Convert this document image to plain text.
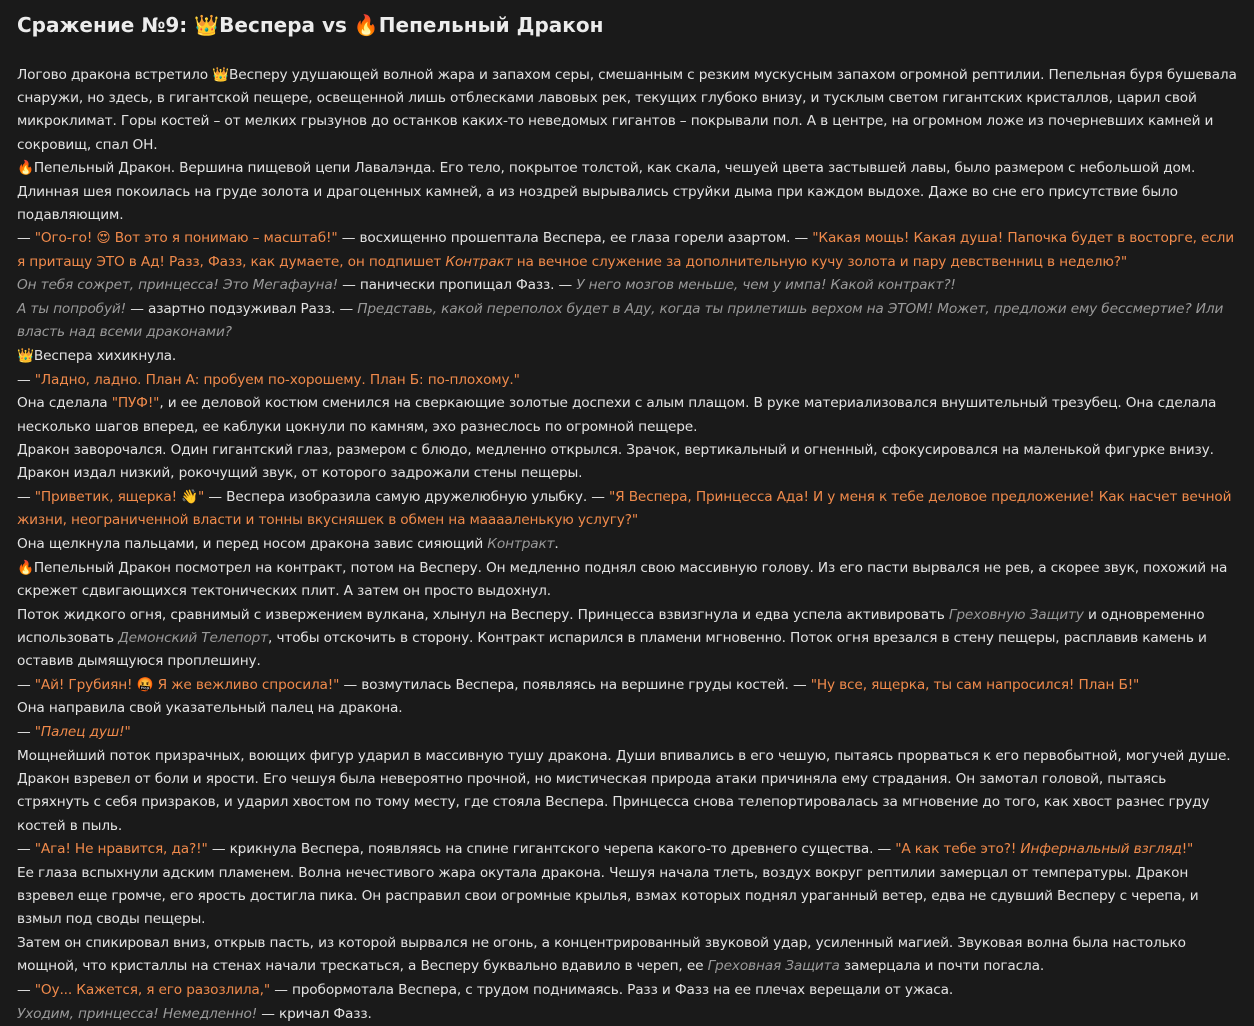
Сражение №9: 👑Веспера vs 🔥Пепельный Дракон

Логово дракона встретило 👑Весперу удушающей волной жара и запахом серы, смешанным с резким мускусным запахом огромной рептилии. Пепельная буря бушевала снаружи, но здесь, в гигантской пещере, освещенной лишь отблесками лавовых рек, текущих глубоко внизу, и тусклым светом гигантских кристаллов, царил свой микроклимат. Горы костей – от мелких грызунов до останков каких-то неведомых гигантов – покрывали пол. А в центре, на огромном ложе из почерневших камней и сокровищ, спал ОН.

🔥Пепельный Дракон. Вершина пищевой цепи Лавалэнда. Его тело, покрытое толстой, как скала, чешуей цвета застывшей лавы, было размером с небольшой дом. Длинная шея покоилась на груде золота и драгоценных камней, а из ноздрей вырывались струйки дыма при каждом выдохе. Даже во сне его присутствие было подавляющим.

— "Ого-го! 😍 Вот это я понимаю – масштаб!" — восхищенно прошептала Веспера, ее глаза горели азартом. — "Какая мощь! Какая душа! Папочка будет в восторге, если я притащу ЭТО в Ад! Разз, Фазз, как думаете, он подпишет Контракт на вечное служение за дополнительную кучу золота и пару девственниц в неделю?"

Он тебя сожрет, принцесса! Это Мегафауна! — панически пропищал Фазз. — У него мозгов меньше, чем у импа! Какой контракт?!

А ты попробуй! — азартно подзуживал Разз. — Представь, какой переполох будет в Аду, когда ты прилетишь верхом на ЭТОМ! Может, предложи ему бессмертие? Или власть над всеми драконами?

👑Веспера хихикнула.

— "Ладно, ладно. План А: пробуем по-хорошему. План Б: по-плохому."

Она сделала "ПУФ!", и ее деловой костюм сменился на сверкающие золотые доспехи с алым плащом. В руке материализовался внушительный трезубец. Она сделала несколько шагов вперед, ее каблуки цокнули по камням, эхо разнеслось по огромной пещере.

Дракон заворочался. Один гигантский глаз, размером с блюдо, медленно открылся. Зрачок, вертикальный и огненный, сфокусировался на маленькой фигурке внизу. Дракон издал низкий, рокочущий звук, от которого задрожали стены пещеры.

— "Приветик, ящерка! 👋" — Веспера изобразила самую дружелюбную улыбку. — "Я Веспера, Принцесса Ада! И у меня к тебе деловое предложение! Как насчет вечной жизни, неограниченной власти и тонны вкусняшек в обмен на мааааленькую услугу?"

Она щелкнула пальцами, и перед носом дракона завис сияющий Контракт.

🔥Пепельный Дракон посмотрел на контракт, потом на Весперу. Он медленно поднял свою массивную голову. Из его пасти вырвался не рев, а скорее звук, похожий на скрежет сдвигающихся тектонических плит. А затем он просто выдохнул.

Поток жидкого огня, сравнимый с извержением вулкана, хлынул на Весперу. Принцесса взвизгнула и едва успела активировать Греховную Защиту и одновременно использовать Демонский Телепорт, чтобы отскочить в сторону. Контракт испарился в пламени мгновенно. Поток огня врезался в стену пещеры, расплавив камень и оставив дымящуюся проплешину.

— "Ай! Грубиян! 🤬 Я же вежливо спросила!" — возмутилась Веспера, появляясь на вершине груды костей. — "Ну все, ящерка, ты сам напросился! План Б!"

Она направила свой указательный палец на дракона.

— "Палец душ!"

Мощнейший поток призрачных, воющих фигур ударил в массивную тушу дракона. Души впивались в его чешую, пытаясь прорваться к его первобытной, могучей душе. Дракон взревел от боли и ярости. Его чешуя была невероятно прочной, но мистическая природа атаки причиняла ему страдания. Он замотал головой, пытаясь стряхнуть с себя призраков, и ударил хвостом по тому месту, где стояла Веспера. Принцесса снова телепортировалась за мгновение до того, как хвост разнес груду костей в пыль.

— "Ага! Не нравится, да?!" — крикнула Веспера, появляясь на спине гигантского черепа какого-то древнего существа. — "А как тебе это?! Инфернальный взгляд!"

Ее глаза вспыхнули адским пламенем. Волна нечестивого жара окутала дракона. Чешуя начала тлеть, воздух вокруг рептилии замерцал от температуры. Дракон взревел еще громче, его ярость достигла пика. Он расправил свои огромные крылья, взмах которых поднял ураганный ветер, едва не сдувший Весперу с черепа, и взмыл под своды пещеры.

Затем он спикировал вниз, открыв пасть, из которой вырвался не огонь, а концентрированный звуковой удар, усиленный магией. Звуковая волна была настолько мощной, что кристаллы на стенах начали трескаться, а Весперу буквально вдавило в череп, ее Греховная Защита замерцала и почти погасла.

— "Оу... Кажется, я его разозлила," — пробормотала Веспера, с трудом поднимаясь. Разз и Фазз на ее плечах верещали от ужаса.

Уходим, принцесса! Немедленно! — кричал Фазз.
